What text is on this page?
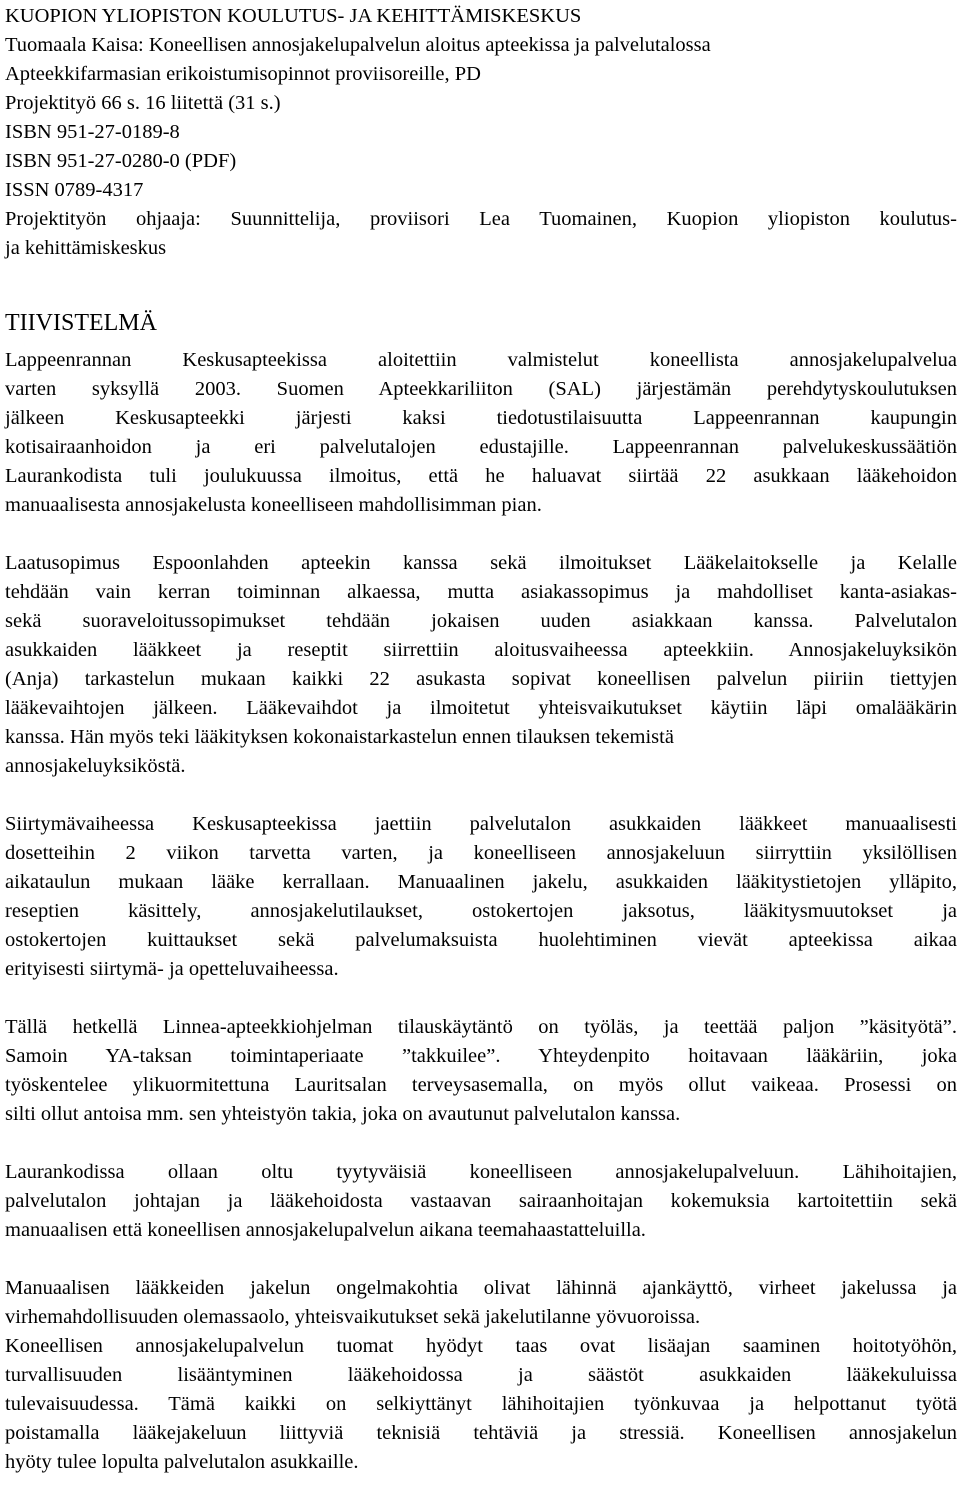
KUOPION YLIOPISTON KOULUTUS- JA KEHITTÄMISKESKUS
Tuomaala Kaisa: Koneellisen annosjakelupalvelun aloitus apteekissa ja palvelutalossa
Apteekkifarmasian erikoistumisopinnot proviisoreille, PD
Projektityö 66 s. 16 liitettä (31 s.)
ISBN 951-27-0189-8
ISBN 951-27-0280-0 (PDF)
ISSN 0789-4317
Projektityön ohjaaja: Suunnittelija, proviisori Lea Tuomainen, Kuopion yliopiston koulutus-
ja kehittämiskeskus
TIIVISTELMÄ
Lappeenrannan Keskusapteekissa aloitettiin valmistelut koneellista annosjakelupalvelua
varten syksyllä 2003. Suomen Apteekkariliiton (SAL) järjestämän perehdytyskoulutuksen
jälkeen Keskusapteekki järjesti kaksi tiedotustilaisuutta Lappeenrannan kaupungin
kotisairaanhoidon ja eri palvelutalojen edustajille. Lappeenrannan palvelukeskussäätiön
Laurankodista tuli joulukuussa ilmoitus, että he haluavat siirtää 22 asukkaan lääkehoidon
manuaalisesta annosjakelusta koneelliseen mahdollisimman pian.
Laatusopimus Espoonlahden apteekin kanssa sekä ilmoitukset Lääkelaitokselle ja Kelalle
tehdään vain kerran toiminnan alkaessa, mutta asiakassopimus ja mahdolliset kanta-asiakas-
sekä suoraveloitussopimukset tehdään jokaisen uuden asiakkaan kanssa. Palvelutalon
asukkaiden lääkkeet ja reseptit siirrettiin aloitusvaiheessa apteekkiin. Annosjakeluyksikön
(Anja) tarkastelun mukaan kaikki 22 asukasta sopivat koneellisen palvelun piiriin tiettyjen
lääkevaihtojen jälkeen. Lääkevaihdot ja ilmoitetut yhteisvaikutukset käytiin läpi omalääkärin
kanssa. Hän myös teki lääkityksen kokonaistarkastelun ennen tilauksen tekemistä
annosjakeluyksiköstä.
Siirtymävaiheessa Keskusapteekissa jaettiin palvelutalon asukkaiden lääkkeet manuaalisesti
dosetteihin 2 viikon tarvetta varten, ja koneelliseen annosjakeluun siirryttiin yksilöllisen
aikataulun mukaan lääke kerrallaan. Manuaalinen jakelu, asukkaiden lääkitystietojen ylläpito,
reseptien käsittely, annosjakelutilaukset, ostokertojen jaksotus, lääkitysmuutokset ja
ostokertojen kuittaukset sekä palvelumaksuista huolehtiminen vievät apteekissa aikaa
erityisesti siirtymä- ja opetteluvaiheessa.
Tällä hetkellä Linnea-apteekkiohjelman tilauskäytäntö on työläs, ja teettää paljon ”käsityötä”.
Samoin YA-taksan toimintaperiaate ”takkuilee”. Yhteydenpito hoitavaan lääkäriin, joka
työskentelee ylikuormitettuna Lauritsalan terveysasemalla, on myös ollut vaikeaa. Prosessi on
silti ollut antoisa mm. sen yhteistyön takia, joka on avautunut palvelutalon kanssa.
Laurankodissa ollaan oltu tyytyväisiä koneelliseen annosjakelupalveluun. Lähihoitajien,
palvelutalon johtajan ja lääkehoidosta vastaavan sairaanhoitajan kokemuksia kartoitettiin sekä
manuaalisen että koneellisen annosjakelupalvelun aikana teemahaastatteluilla.
Manuaalisen lääkkeiden jakelun ongelmakohtia olivat lähinnä ajankäyttö, virheet jakelussa ja
virhemahdollisuuden olemassaolo, yhteisvaikutukset sekä jakelutilanne yövuoroissa.
Koneellisen annosjakelupalvelun tuomat hyödyt taas ovat lisäajan saaminen hoitotyöhön,
turvallisuuden lisääntyminen lääkehoidossa ja säästöt asukkaiden lääkekuluissa
tulevaisuudessa. Tämä kaikki on selkiyttänyt lähihoitajien työnkuvaa ja helpottanut työtä
poistamalla lääkejakeluun liittyviä teknisiä tehtäviä ja stressiä. Koneellisen annosjakelun
hyöty tulee lopulta palvelutalon asukkaille.
